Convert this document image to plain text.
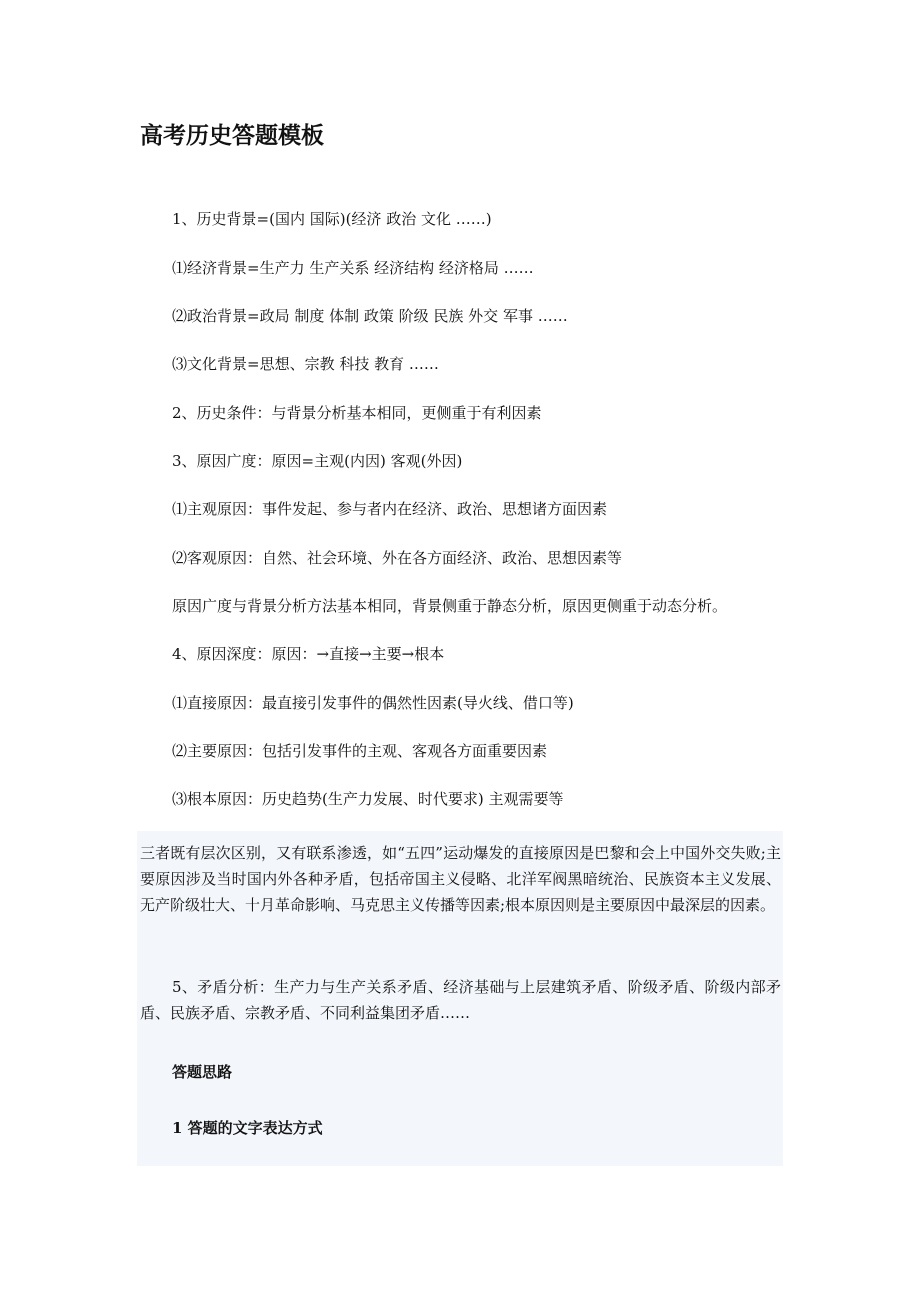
高考历史答题模板

1、历史背景=(国内 国际)(经济 政治 文化 ……)

⑴经济背景=生产力 生产关系 经济结构 经济格局 ……

⑵政治背景=政局 制度 体制 政策 阶级 民族 外交 军事 ……

⑶文化背景=思想、宗教 科技 教育 ……

2、历史条件：与背景分析基本相同，更侧重于有利因素

3、原因广度：原因=主观(内因) 客观(外因)

⑴主观原因：事件发起、参与者内在经济、政治、思想诸方面因素

⑵客观原因：自然、社会环境、外在各方面经济、政治、思想因素等

原因广度与背景分析方法基本相同，背景侧重于静态分析，原因更侧重于动态分析。

4、原因深度：原因：→直接→主要→根本

⑴直接原因：最直接引发事件的偶然性因素(导火线、借口等)

⑵主要原因：包括引发事件的主观、客观各方面重要因素

⑶根本原因：历史趋势(生产力发展、时代要求) 主观需要等

三者既有层次区别，又有联系渗透，如“五四”运动爆发的直接原因是巴黎和会上中国外交失败;主要原因涉及当时国内外各种矛盾，包括帝国主义侵略、北洋军阀黑暗统治、民族资本主义发展、无产阶级壮大、十月革命影响、马克思主义传播等因素;根本原因则是主要原因中最深层的因素。

5、矛盾分析：生产力与生产关系矛盾、经济基础与上层建筑矛盾、阶级矛盾、阶级内部矛盾、民族矛盾、宗教矛盾、不同利益集团矛盾……

答题思路

1 答题的文字表达方式
